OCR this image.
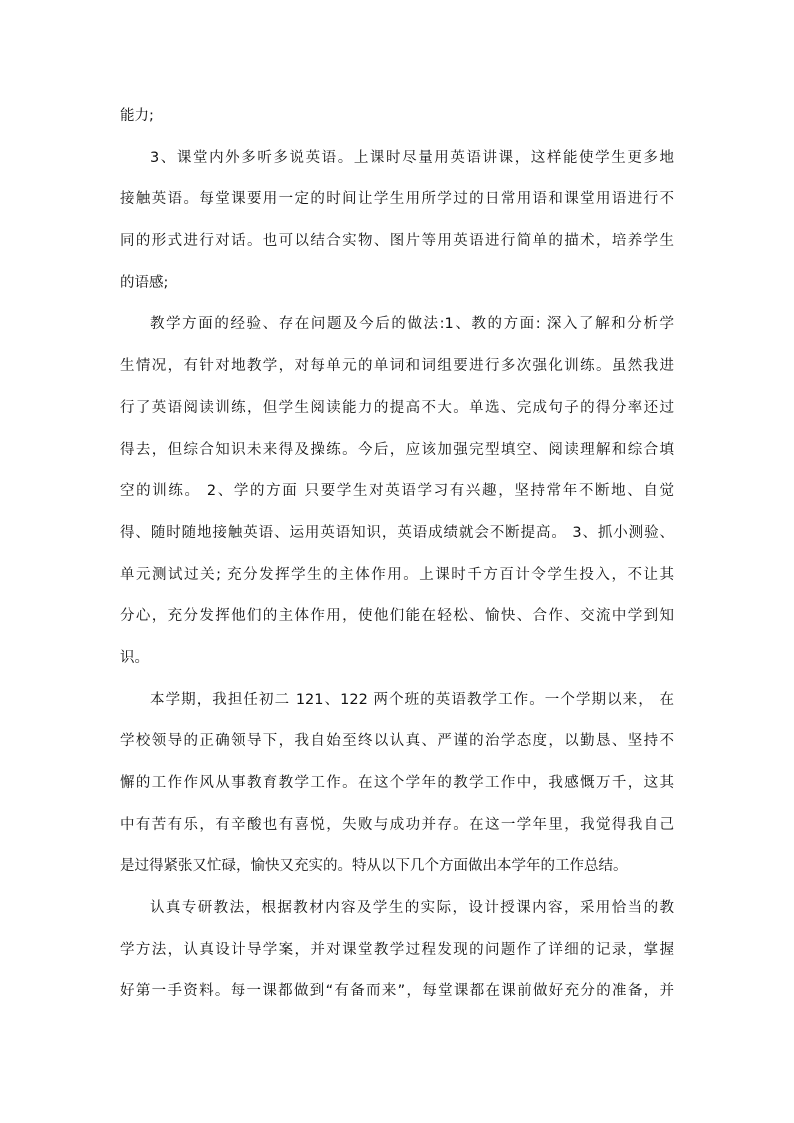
能力;
3、课堂内外多听多说英语。上课时尽量用英语讲课，这样能使学生更多地
接触英语。每堂课要用一定的时间让学生用所学过的日常用语和课堂用语进行不
同的形式进行对话。也可以结合实物、图片等用英语进行简单的描术，培养学生
的语感;
教学方面的经验、存在问题及今后的做法:1、教的方面: 深入了解和分析学
生情况，有针对地教学，对每单元的单词和词组要进行多次强化训练。虽然我进
行了英语阅读训练，但学生阅读能力的提高不大。单选、完成句子的得分率还过
得去，但综合知识未来得及操练。今后，应该加强完型填空、阅读理解和综合填
空的训练。 2、学的方面 只要学生对英语学习有兴趣，坚持常年不断地、自觉
得、随时随地接触英语、运用英语知识，英语成绩就会不断提高。 3、抓小测验、
单元测试过关; 充分发挥学生的主体作用。上课时千方百计令学生投入，不让其
分心，充分发挥他们的主体作用，使他们能在轻松、愉快、合作、交流中学到知
识。
本学期，我担任初二 121、122 两个班的英语教学工作。一个学期以来， 在
学校领导的正确领导下，我自始至终以认真、严谨的治学态度，以勤恳、坚持不
懈的工作作风从事教育教学工作。在这个学年的教学工作中，我感慨万千，这其
中有苦有乐，有辛酸也有喜悦，失败与成功并存。在这一学年里，我觉得我自己
是过得紧张又忙碌，愉快又充实的。特从以下几个方面做出本学年的工作总结。
认真专研教法，根据教材内容及学生的实际，设计授课内容，采用恰当的教
学方法，认真设计导学案，并对课堂教学过程发现的问题作了详细的记录，掌握
好第一手资料。每一课都做到“有备而来”，每堂课都在课前做好充分的准备，并
